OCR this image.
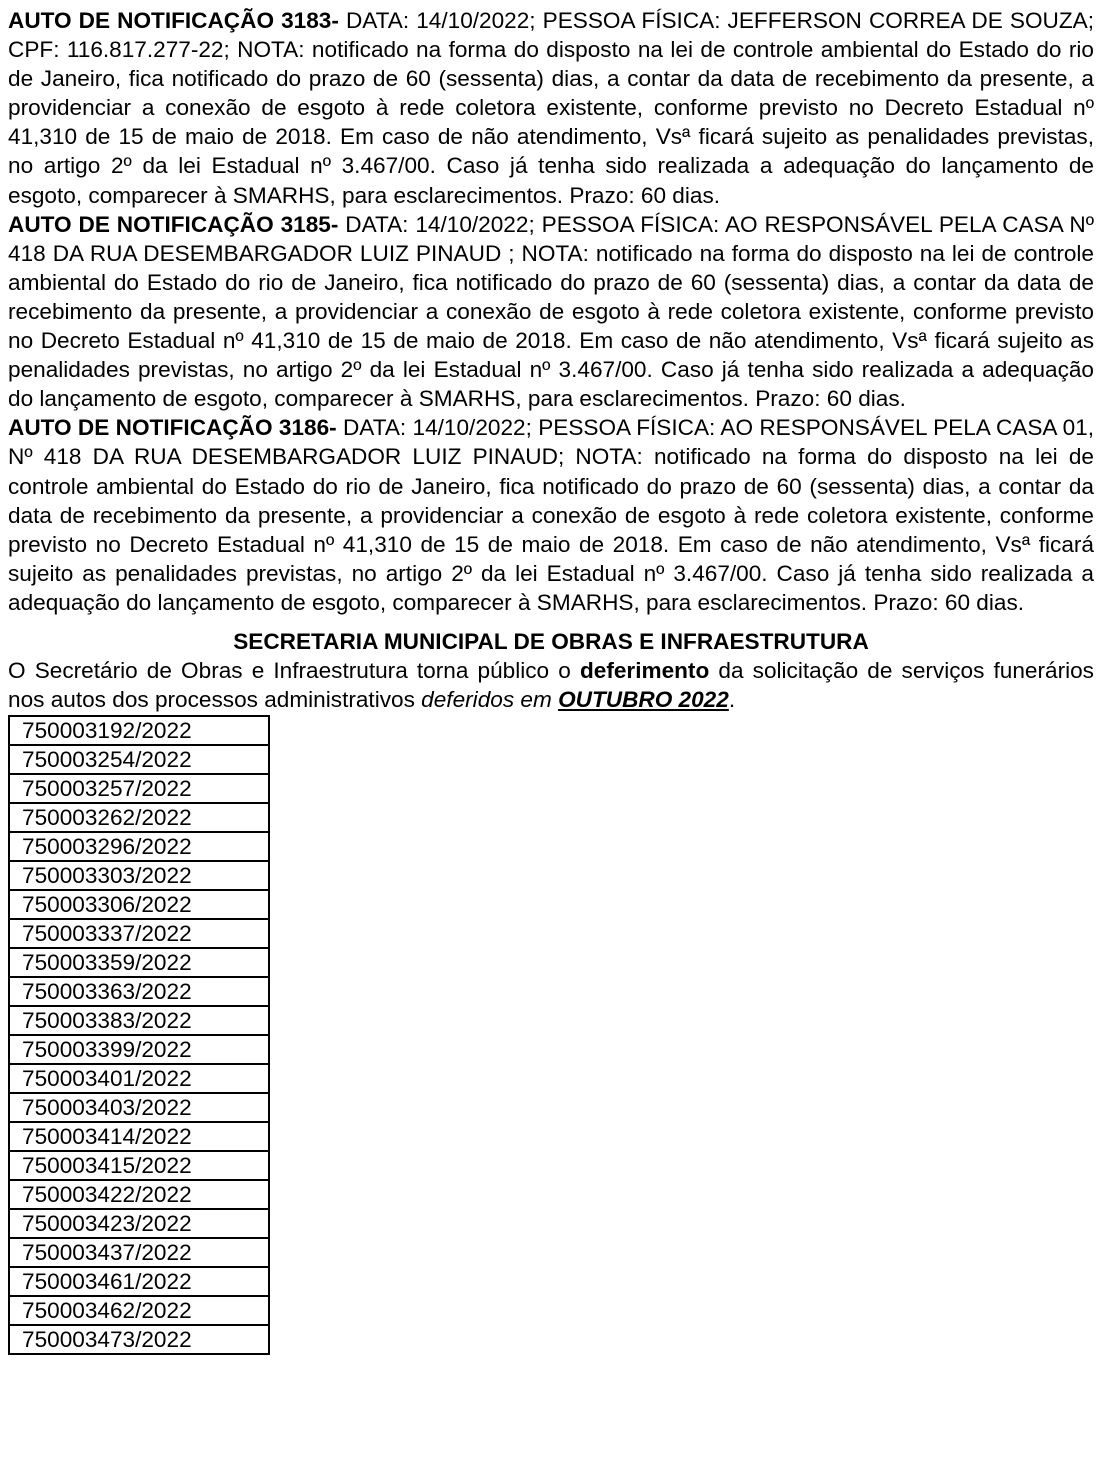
AUTO DE NOTIFICAÇÃO 3183- DATA: 14/10/2022; PESSOA FÍSICA: JEFFERSON CORREA DE SOUZA; CPF: 116.817.277-22; NOTA: notificado na forma do disposto na lei de controle ambiental do Estado do rio de Janeiro, fica notificado do prazo de 60 (sessenta) dias, a contar da data de recebimento da presente, a providenciar a conexão de esgoto à rede coletora existente, conforme previsto no Decreto Estadual nº 41,310 de 15 de maio de 2018. Em caso de não atendimento, Vsª ficará sujeito as penalidades previstas, no artigo 2º da lei Estadual nº 3.467/00. Caso já tenha sido realizada a adequação do lançamento de esgoto, comparecer à SMARHS, para esclarecimentos. Prazo: 60 dias.

AUTO DE NOTIFICAÇÃO 3185- DATA: 14/10/2022; PESSOA FÍSICA: AO RESPONSÁVEL PELA CASA Nº 418 DA RUA DESEMBARGADOR LUIZ PINAUD ; NOTA: notificado na forma do disposto na lei de controle ambiental do Estado do rio de Janeiro, fica notificado do prazo de 60 (sessenta) dias, a contar da data de recebimento da presente, a providenciar a conexão de esgoto à rede coletora existente, conforme previsto no Decreto Estadual nº 41,310 de 15 de maio de 2018. Em caso de não atendimento, Vsª ficará sujeito as penalidades previstas, no artigo 2º da lei Estadual nº 3.467/00. Caso já tenha sido realizada a adequação do lançamento de esgoto, comparecer à SMARHS, para esclarecimentos. Prazo: 60 dias.

AUTO DE NOTIFICAÇÃO 3186- DATA: 14/10/2022; PESSOA FÍSICA: AO RESPONSÁVEL PELA CASA 01, Nº 418 DA RUA DESEMBARGADOR LUIZ PINAUD; NOTA: notificado na forma do disposto na lei de controle ambiental do Estado do rio de Janeiro, fica notificado do prazo de 60 (sessenta) dias, a contar da data de recebimento da presente, a providenciar a conexão de esgoto à rede coletora existente, conforme previsto no Decreto Estadual nº 41,310 de 15 de maio de 2018. Em caso de não atendimento, Vsª ficará sujeito as penalidades previstas, no artigo 2º da lei Estadual nº 3.467/00. Caso já tenha sido realizada a adequação do lançamento de esgoto, comparecer à SMARHS, para esclarecimentos. Prazo: 60 dias.

SECRETARIA MUNICIPAL DE OBRAS E INFRAESTRUTURA

O Secretário de Obras e Infraestrutura torna público o deferimento da solicitação de serviços funerários nos autos dos processos administrativos deferidos em OUTUBRO 2022.

750003192/2022
750003254/2022
750003257/2022
750003262/2022
750003296/2022
750003303/2022
750003306/2022
750003337/2022
750003359/2022
750003363/2022
750003383/2022
750003399/2022
750003401/2022
750003403/2022
750003414/2022
750003415/2022
750003422/2022
750003423/2022
750003437/2022
750003461/2022
750003462/2022
750003473/2022
